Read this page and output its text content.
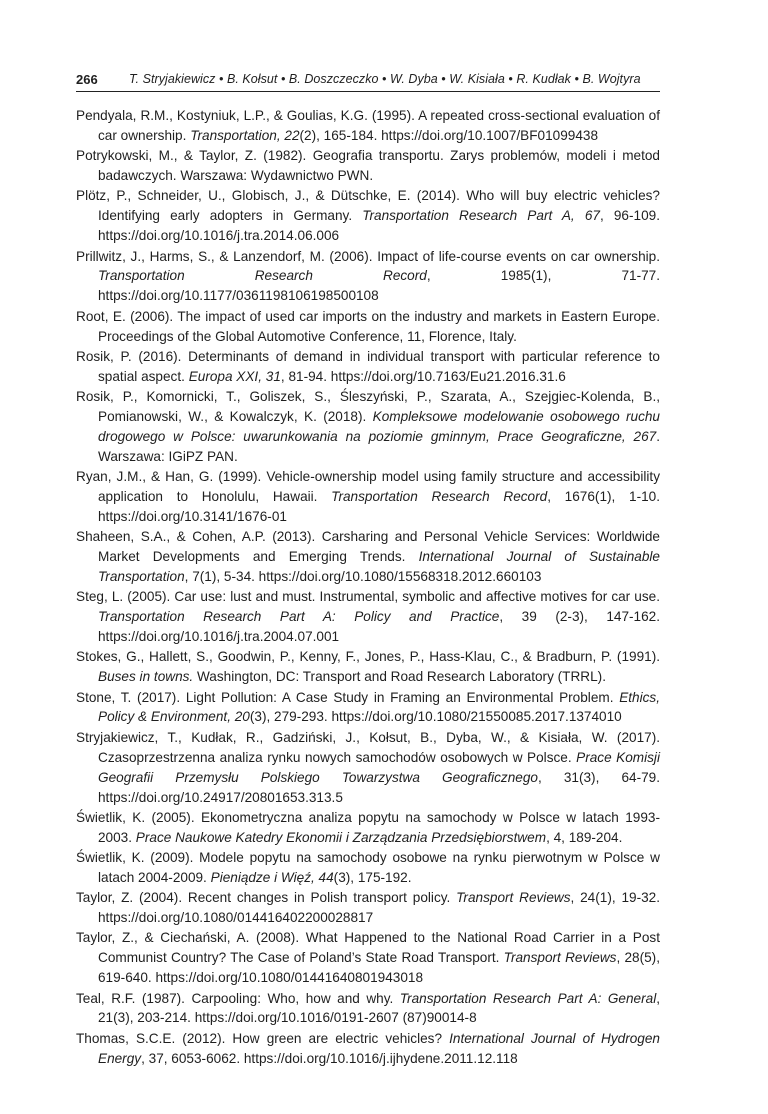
266	T. Stryjakiewicz • B. Kołsut • B. Doszczeczko • W. Dyba • W. Kisiała • R. Kudłak • B. Wojtyra

Pendyala, R.M., Kostyniuk, L.P., & Goulias, K.G. (1995). A repeated cross-sectional evaluation of car ownership. Transportation, 22(2), 165-184. https://doi.org/10.1007/BF01099438

Potrykowski, M., & Taylor, Z. (1982). Geografia transportu. Zarys problemów, modeli i metod badawczych. Warszawa: Wydawnictwo PWN.

Plötz, P., Schneider, U., Globisch, J., & Dütschke, E. (2014). Who will buy electric vehicles? Identifying early adopters in Germany. Transportation Research Part A, 67, 96-109. https://doi.org/10.1016/j.tra.2014.06.006

Prillwitz, J., Harms, S., & Lanzendorf, M. (2006). Impact of life-course events on car ownership. Transportation Research Record, 1985(1), 71-77. https://doi.org/10.1177/0361198106198500108

Root, E. (2006). The impact of used car imports on the industry and markets in Eastern Europe. Proceedings of the Global Automotive Conference, 11, Florence, Italy.

Rosik, P. (2016). Determinants of demand in individual transport with particular reference to spatial aspect. Europa XXI, 31, 81-94. https://doi.org/10.7163/Eu21.2016.31.6

Rosik, P., Komornicki, T., Goliszek, S., Śleszyński, P., Szarata, A., Szejgiec-Kolenda, B., Pomianowski, W., & Kowalczyk, K. (2018). Kompleksowe modelowanie osobowego ruchu drogowego w Polsce: uwarunkowania na poziomie gminnym, Prace Geograficzne, 267. Warszawa: IGiPZ PAN.

Ryan, J.M., & Han, G. (1999). Vehicle-ownership model using family structure and accessibility application to Honolulu, Hawaii. Transportation Research Record, 1676(1), 1-10. https://doi.org/10.3141/1676-01

Shaheen, S.A., & Cohen, A.P. (2013). Carsharing and Personal Vehicle Services: Worldwide Market Developments and Emerging Trends. International Journal of Sustainable Transportation, 7(1), 5-34. https://doi.org/10.1080/15568318.2012.660103

Steg, L. (2005). Car use: lust and must. Instrumental, symbolic and affective motives for car use. Transportation Research Part A: Policy and Practice, 39 (2-3), 147-162. https://doi.org/10.1016/j.tra.2004.07.001

Stokes, G., Hallett, S., Goodwin, P., Kenny, F., Jones, P., Hass-Klau, C., & Bradburn, P. (1991). Buses in towns. Washington, DC: Transport and Road Research Laboratory (TRRL).

Stone, T. (2017). Light Pollution: A Case Study in Framing an Environmental Problem. Ethics, Policy & Environment, 20(3), 279-293. https://doi.org/10.1080/21550085.2017.1374010

Stryjakiewicz, T., Kudłak, R., Gadziński, J., Kołsut, B., Dyba, W., & Kisiała, W. (2017). Czasoprzestrzenna analiza rynku nowych samochodów osobowych w Polsce. Prace Komisji Geografii Przemysłu Polskiego Towarzystwa Geograficznego, 31(3), 64-79. https://doi.org/10.24917/20801653.313.5

Świetlik, K. (2005). Ekonometryczna analiza popytu na samochody w Polsce w latach 1993-2003. Prace Naukowe Katedry Ekonomii i Zarządzania Przedsiębiorstwem, 4, 189-204.

Świetlik, K. (2009). Modele popytu na samochody osobowe na rynku pierwotnym w Polsce w latach 2004-2009. Pieniądze i Więź, 44(3), 175-192.

Taylor, Z. (2004). Recent changes in Polish transport policy. Transport Reviews, 24(1), 19-32. https://doi.org/10.1080/014416402200028817

Taylor, Z., & Ciechański, A. (2008). What Happened to the National Road Carrier in a Post Communist Country? The Case of Poland’s State Road Transport. Transport Reviews, 28(5), 619-640. https://doi.org/10.1080/01441640801943018

Teal, R.F. (1987). Carpooling: Who, how and why. Transportation Research Part A: General, 21(3), 203-214. https://doi.org/10.1016/0191-2607 (87)90014-8

Thomas, S.C.E. (2012). How green are electric vehicles? International Journal of Hydrogen Energy, 37, 6053-6062. https://doi.org/10.1016/j.ijhydene.2011.12.118
